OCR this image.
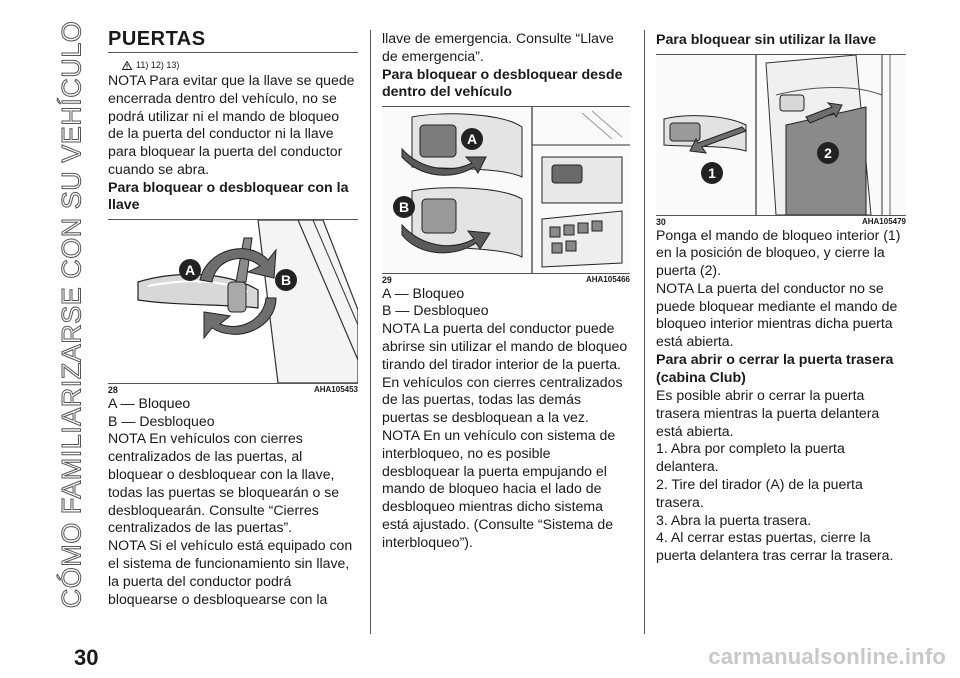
CÓMO FAMILIARIZARSE CON SU VEHÍCULO PUERTAS
11) 12) 13)

NOTA Para evitar que la llave se quede encerrada dentro del vehículo, no se podrá utilizar ni el mando de bloqueo de la puerta del conductor ni la llave para bloquear la puerta del conductor cuando se abra.

Para bloquear o desbloquear con la llave
A
B
28	AHA105453

A — Bloqueo

B — Desbloqueo

NOTA En vehículos con cierres centralizados de las puertas, al bloquear o desbloquear con la llave, todas las puertas se bloquearán o se desbloquearán. Consulte “Cierres centralizados de las puertas”.

NOTA Si el vehículo está equipado con el sistema de funcionamiento sin llave, la puerta del conductor podrá bloquearse o desbloquearse con la

llave de emergencia. Consulte “Llave de emergencia”.

Para bloquear o desbloquear desde dentro del vehículo
A
B
29	AHA105466

A — Bloqueo

B — Desbloqueo

NOTA La puerta del conductor puede abrirse sin utilizar el mando de bloqueo tirando del tirador interior de la puerta. En vehículos con cierres centralizados de las puertas, todas las demás puertas se desbloquean a la vez.

NOTA En un vehículo con sistema de interbloqueo, no es posible desbloquear la puerta empujando el mando de bloqueo hacia el lado de desbloqueo mientras dicho sistema está ajustado. (Consulte “Sistema de interbloqueo”).

Para bloquear sin utilizar la llave
1
2
30	AHA105479

Ponga el mando de bloqueo interior (1) en la posición de bloqueo, y cierre la puerta (2).

NOTA La puerta del conductor no se puede bloquear mediante el mando de bloqueo interior mientras dicha puerta está abierta.

Para abrir o cerrar la puerta trasera (cabina Club)

Es posible abrir o cerrar la puerta trasera mientras la puerta delantera está abierta.

1. Abra por completo la puerta delantera.

2. Tire del tirador (A) de la puerta trasera.

3. Abra la puerta trasera.

4. Al cerrar estas puertas, cierre la puerta delantera tras cerrar la trasera.

30	carmanualsonline.info
